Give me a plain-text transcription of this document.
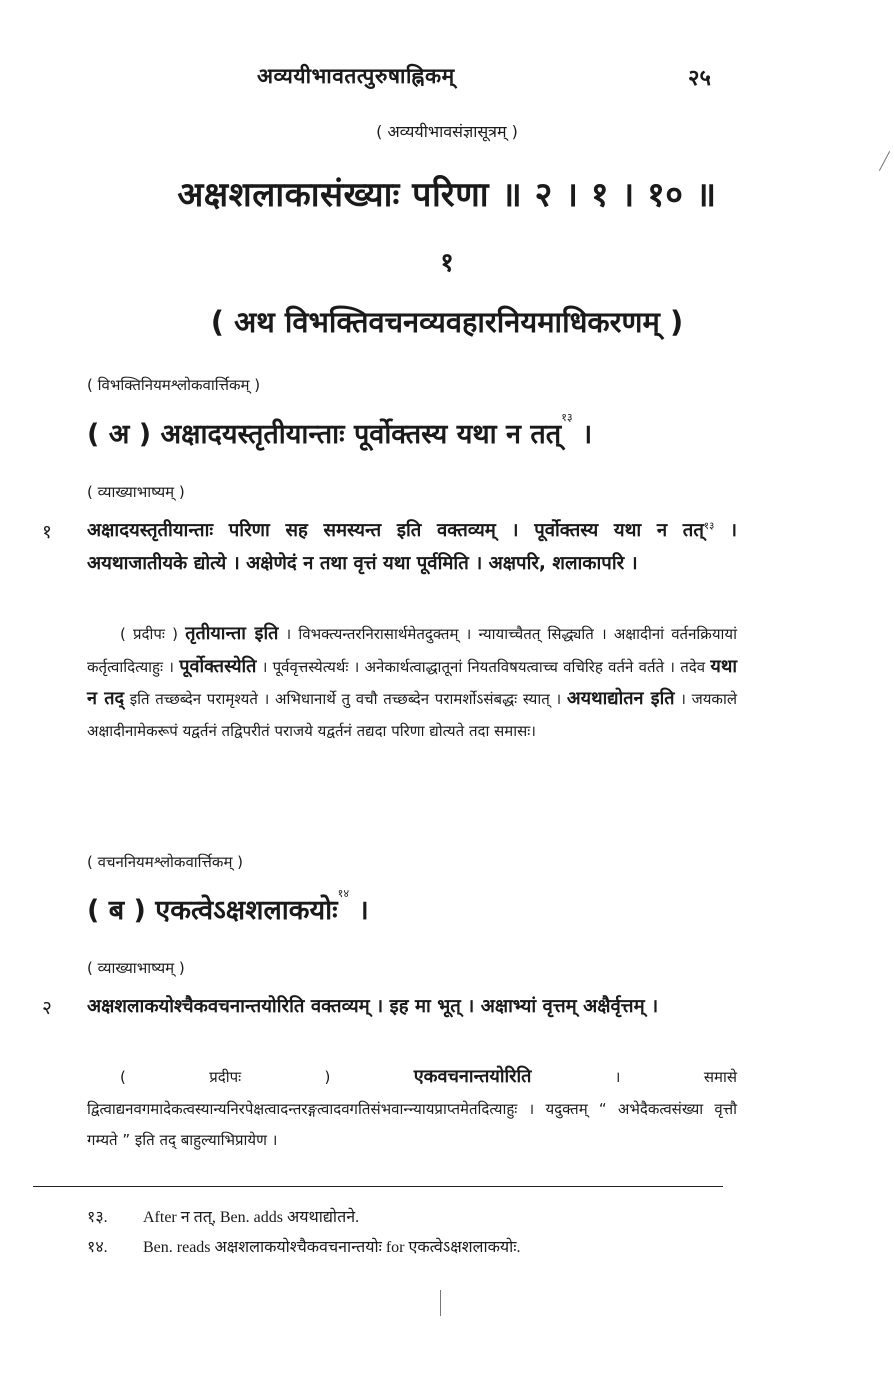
अव्ययीभावतत्पुरुषाह्निकम्	२५
( अव्ययीभावसंज्ञासूत्रम् )
अक्षशलाकासंख्याः परिणा ॥ २ । १ । १० ॥
१
( अथ विभक्तिवचनव्यवहारनियमाधिकरणम् )
( विभक्तिनियमश्लोकवार्त्तिकम् )
( अ ) अक्षादयस्तृतीयान्ताः पूर्वोक्तस्य यथा न तत्$^{१३}$ ।
( व्याख्याभाष्यम् )
१ अक्षादयस्तृतीयान्ताः परिणा सह समस्यन्त इति वक्तव्यम् । पूर्वोक्तस्य यथा न तत्$^{१३}$ । अयथाजातीयके द्योत्ये । अक्षेणेदं न तथा वृत्तं यथा पूर्वमिति । अक्षपरि, शलाकापरि ।
( प्रदीपः ) तृतीयान्ता इति । विभक्त्यन्तरनिरासार्थमेतदुक्तम् । न्यायाच्चैतत् सिद्ध्यति । अक्षादीनां वर्तनक्रियायां कर्तृत्वादित्याहुः । पूर्वोक्तस्येति । पूर्ववृत्तस्येत्यर्थः । अनेकार्थत्वाद्धातूनां नियतविषयत्वाच्च वचिरिह वर्तने वर्तते । तदेव यथा न तद् इति तच्छब्देन परामृश्यते । अभिधानार्थे तु वचौ तच्छब्देन परामर्शोऽसंबद्धः स्यात् । अयथाद्योतन इति । जयकाले अक्षादीनामेकरूपं यद्वर्तनं तद्विपरीतं पराजये यद्वर्तनं तद्यदा परिणा द्योत्यते तदा समासः।
( वचननियमश्लोकवार्त्तिकम् )
( ब ) एकत्वेऽक्षशलाकयोः$^{१४}$ ।
( व्याख्याभाष्यम् )
२ अक्षशलाकयोश्चैकवचनान्तयोरिति वक्तव्यम् । इह मा भूत् । अक्षाभ्यां वृत्तम् अक्षैर्वृत्तम् ।
( प्रदीपः )	एकवचनान्तयोरिति । समासे द्वित्वाद्यनवगमादेकत्वस्यान्यनिरपेक्षत्वादन्तरङ्गत्वादवगतिसंभवान्न्यायप्राप्तमेतदित्याहुः । यदुक्तम् “ अभेदैकत्वसंख्या वृत्तौ गम्यते ” इति तद् बाहुल्याभिप्रायेण ।
१३. After न तत्, Ben. adds अयथाद्योतने.
१४. Ben. reads अक्षशलाकयोश्चैकवचनान्तयोः for एकत्वेऽक्षशलाकयोः.
